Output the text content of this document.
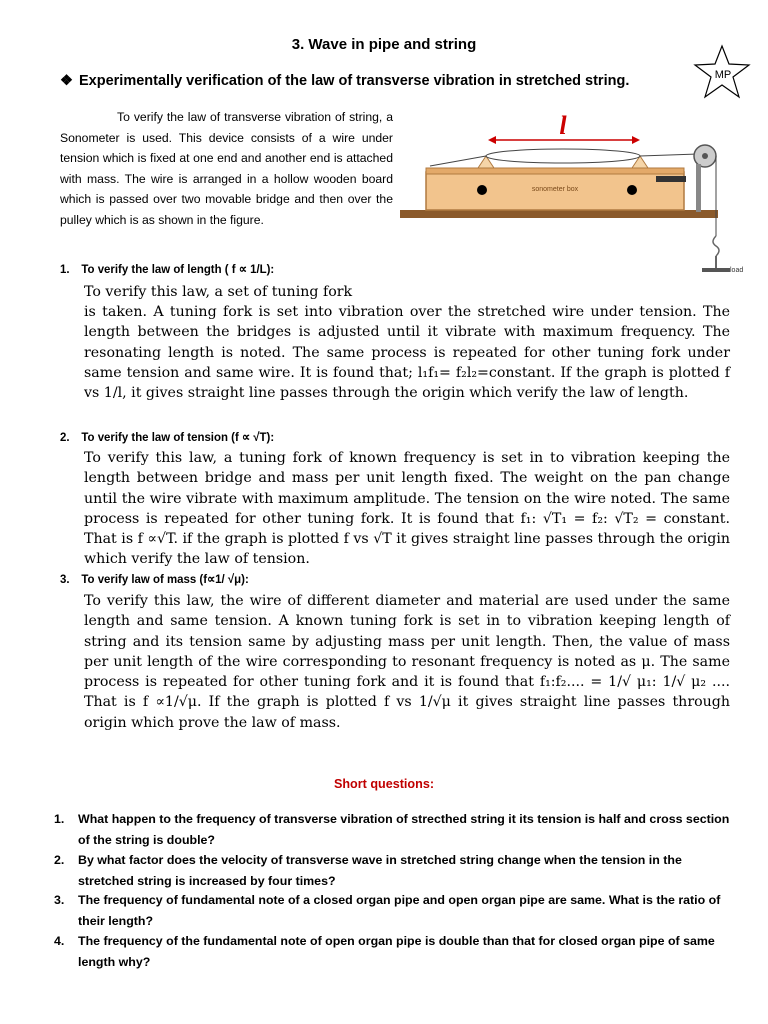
3. Wave in pipe and string
MP
❖ Experimentally verification of the law of transverse vibration in stretched string.
To verify the law of transverse vibration of string, a Sonometer is used. This device consists of a wire under tension which is fixed at one end and another end is attached with mass. The wire is arranged in a hollow wooden board which is passed over two movable bridge and then over the pulley which is as shown in the figure.
sonometer box
load
l
1. To verify the law of length ( f ∝ 1/L):
To verify this law, a set of tuning fork
is taken. A tuning fork is set into vibration over the stretched wire under tension. The length between the bridges is adjusted until it vibrate with maximum frequency. The resonating length is noted. The same process is repeated for other tuning fork under same tension and same wire. It is found that; l₁f₁= f₂l₂=constant. If the graph is plotted f vs 1/l, it gives straight line passes through the origin which verify the law of length.
2. To verify the law of tension (f ∝ √T):
To verify this law, a tuning fork of known frequency is set in to vibration keeping the length between bridge and mass per unit length fixed. The weight on the pan change until the wire vibrate with maximum amplitude. The tension on the wire noted. The same process is repeated for other tuning fork. It is found that f₁: √T₁ = f₂: √T₂ = constant. That is f ∝√T. if the graph is plotted f vs √T it gives straight line passes through the origin which verify the law of tension.
3. To verify law of mass (f∝1/ √μ):
To verify this law, the wire of different diameter and material are used under the same length and same tension. A known tuning fork is set in to vibration keeping length of string and its tension same by adjusting mass per unit length. Then, the value of mass per unit length of the wire corresponding to resonant frequency is noted as μ. The same process is repeated for other tuning fork and it is found that f₁:f₂.... = 1/√ μ₁: 1/√ μ₂ .... That is f ∝1/√μ. If the graph is plotted f vs 1/√μ it gives straight line passes through origin which prove the law of mass.
Short questions:
1. What happen to the frequency of transverse vibration of strecthed string it its tension is half and cross section of the string is double?
2. By what factor does the velocity of transverse wave in stretched string change when the tension in the stretched string is increased by four times?
3. The frequency of fundamental note of a closed organ pipe and open organ pipe are same. What is the ratio of their length?
4. The frequency of the fundamental note of open organ pipe is double than that for closed organ pipe of same length why?
